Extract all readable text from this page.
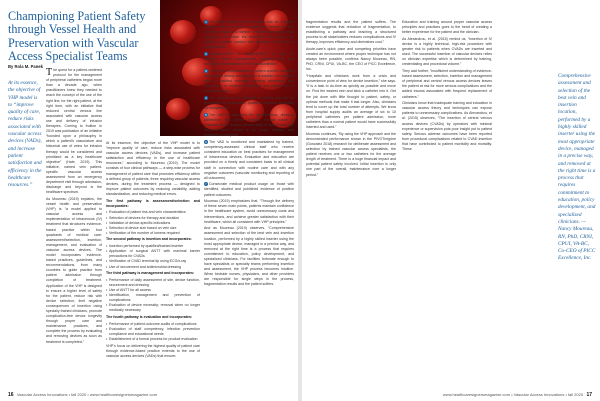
Championing Patient Safety through Vessel Health and Preservation with Vascular Access Specialist Teams
By Rola M. Panek
At its essence, the objective of VHP model is to “improve quality of care, reduce risks associated with vascular access devices (VADs), and increase patient satisfaction and efficiency in the healthcare resources.”

The quest for a patient-centered protocol for the management of peripheral catheters began more than a decade ago, when practitioners knew they needed to reach the concept of the use of the right line, for the right patient, at the right time, with an initiative that reduced central venous line associated with vascular access use and delivery of infusion therapies. Coming to fruition in 2019 was publication of an initiative “founded upon a philosophy in which a patient’s vasculature and historical use of veins for infusion therapy would be considered and prioritized as a key healthcare objective” (Hale, 2019). This initiative, named vein patient-specific vascular access assessment from an emergency department visit through admission, discharge and beyond is the healthcare spectrum.

As Moureau (2019) explains, the vessel health and preservation (VHP) is “a model applied to vascular access and implementation of intravenous (IV) treatment that structures evidence-based practice within four quadrants of medical care: assessment/selection, insertion, management, and evaluation of vascular access devices. The model incorporates evidence-based practices, guidelines, and recommendations, from many countries to guide practice from patient admission through completion of treatment. Application of the VHP is designed to ensure a higher level of safety for the patient, reduce risk with device selection, limit negative consequences of insertion using specially trained clinicians, promote complication-free device longevity through proper care and maintenance practices, and complete the process by evaluating and removing devices as soon as treatment is completed.”

At its essence, the objective of the VHP model is to “improve quality of care, reduce risks associated with vascular access devices (VADs), and increase patient satisfaction and efficiency in the use of healthcare resources,” according to Moureau (2019). The model consists of four clinical pathways — a step-wise process for management of patient care that promotes efficiency within a defined group of patients, three requiring vascular access devices, during the treatment process — designed to improve patient outcomes by reducing variability, adding standardization, and reducing medical errors.

The first pathway is assessment/selection and incorporates:

• Evaluation of patient risk and vein characteristics
• Selection of devices for therapy and duration
• Validation of device-specific indications
• Selection of device size based on vein size
• Verification of the number of lumens required

The second pathway is insertion and incorporates:

• Insertion performed by qualified/trained inserter
• Application of surgical ANTT with maximal barrier precautions for CVADs
• Verification of CVAD terminal tip using ECG/x-ray
• Use of securement and antimicrobial dressing

The third pathway is management and incorporates:

• Performance of daily assessment of site, device function, securement and dressing
• Use of ANTT for all access
• Identification, management and prevention of complications
• Evaluation of device necessity; removal when no longer medically necessary

The fourth pathway is evaluation and incorporates:

• Performance of patient-outcome audits of complications
• Evaluation of staff competency, infection prevention compliance and educational needs
• Establishment of a formal process for product evaluation

VHP’s focus on delivering the highest quality of patient care through evidence-based practice extends to the use of vascular access devices (VADs) that ensure:

1 The VAD selected has the lowest risk for insertion location, does not limit to exceed 85 percent of vein diameter, length, and number of lumens, and is the most appropriate to deliver the treatment. The aim for the patient is greater comfort with reduction of the risk of complications.

2 Standard-ANTT or Surgical-ANTT is used for insertion, device management, dressing care, and medication administration with hub disinfection.

3 The VAD is individualized to patient-specific condition and medical history and placed in a suitable vein location with a qualified securing dressing adherence and securement to minimize movement and reduce risk of premature failure.

4 The number of IV attempts is limited and will be performed by well-trained, qualified inserters supported for competency.

5 The VAD is assessed for complications, dressing adherence, and device function, normal saline to evaluate device function at least daily to assess care and removed when device is no longer needed, and treatment is complete.

6 The VAD is monitored and maintained by trained, competency-assessed clinical staff who receive consistent education on best practices for management of intravenous devices. Evaluation and education are provided on a timely and consistent basis to all clinical staff in connection with routine care and with any negative outcomes (vascular monitoring and reporting of all outcomes).

7 Consecrate medical product usage on those with identified, studied and published evidence of positive patient outcomes.

Moureau (2019) emphasizes that, “Through the delivery of these seven main points, patients maintain confidence in the healthcare system, avoid unnecessary costs and interventions, and achieve greater satisfaction with their healthcare, which all consistent with VHP principles.”

And as Moureau (2019) observes, “Comprehensive assessment and selection of the best vein and insertion location, performed by a highly skilled inserter using the most appropriate device, managed in a precise way, and removed at the right time is a process that requires commitment to education, policy development, and specialized clinicians. For facilities fortunate enough to have specialists or specialty teams performing insertion and assessment, the VHP process becomes intuitive. When bedside nurses, physicians, and other providers are responsible for single steps in the process, fragmentation results and the patient suffers.

fragmentation results and the patient suffers. The evidence suggests that reduction of fragmentation, to establishing a pathway and teaching a structured process to all stakeholders reduces complications and IV therapy, improves efficiency and diminishes cost.”

Acute-care’s quick pace and competing priorities have created an environment where proper technique has not always been possible, confirms Nancy Moureau, RN, PhD, CRNI, CPUI, VA-BC, the CEO of PICC Excellence, Inc.

“Hospitals and clinicians work from a crisis and convenience point of view for device insertion,” she says. “It is a task to do-time as quickly as possible and move on. Find the easiest vein and stick a catheter into it. Get the job done with little thought to patient, safety, or optimal methods that make it last longer. Also, clinicians tend to cover up the total number of attempts. We know from hospital supply audits an average of six to 10 peripheral catheters per patient admission, more catheters than a normal patient would have successfully inserted and used.”

Moureau continues, “By using the VHP approach and the demonstrated performance shown in the PIVOTmigrine (Gonzalez 2018) research for deliberate assessment and selection by trained vascular access specialists, the patient receives one or two catheters for the average length of treatment. There is a huge financial impact and potential patient safety involved. Initial insertion is only one part of the overall, maintenance over a longer period.”

Education and training around proper vascular access principles and practices goes to the heart of creating a better experience for the patient and the clinician.

As Alexandrou, et al. (2015) remind us, “Insertion of IV device is a highly technical, high-risk procedure with greater risk to patients when CVADs are inserted and used. The successful insertion of vascular devices relies on clinician expertise which is determined by training, credentialing and procedural volume.”

They add further, “Insufficient understanding of evidence-based assessment, selection, insertion and management of peripheral and central venous access devices leaves the patient at risk for more serious complications and the added trauma associated with frequent replacement of catheters.”

Clinicians know that inadequate training and education in vascular access theory and techniques can expose patients to unnecessary complications. As Alexandrou, et al. (2015) observes, “The insertion of central venous access devices (CVADs) by operators with minimal experience or supervision puts poor insight put to patient safety. Serious adverse outcomes have been reported from procedural complications related to CVAD insertion that have contributed to patient morbidity and mortality. These

Comprehensive assessment and selection of the best vein and insertion location, performed by a highly skilled inserter using the most appropriate device, managed in a precise way, and removed at the right time is a process that requires commitment to education, policy development, and specialized clinicians. — Nancy Moureau, RN, PhD, CRNI, CPUI, VA-BC, Co-CEO of PICC Excellence, Inc.
16 Vascular Access Innovations • fall 2020 • www.healthcaresignersmagazine.com	www.healthcaresignersmagazine.com • Vascular Access Innovations • fall 2020 17
